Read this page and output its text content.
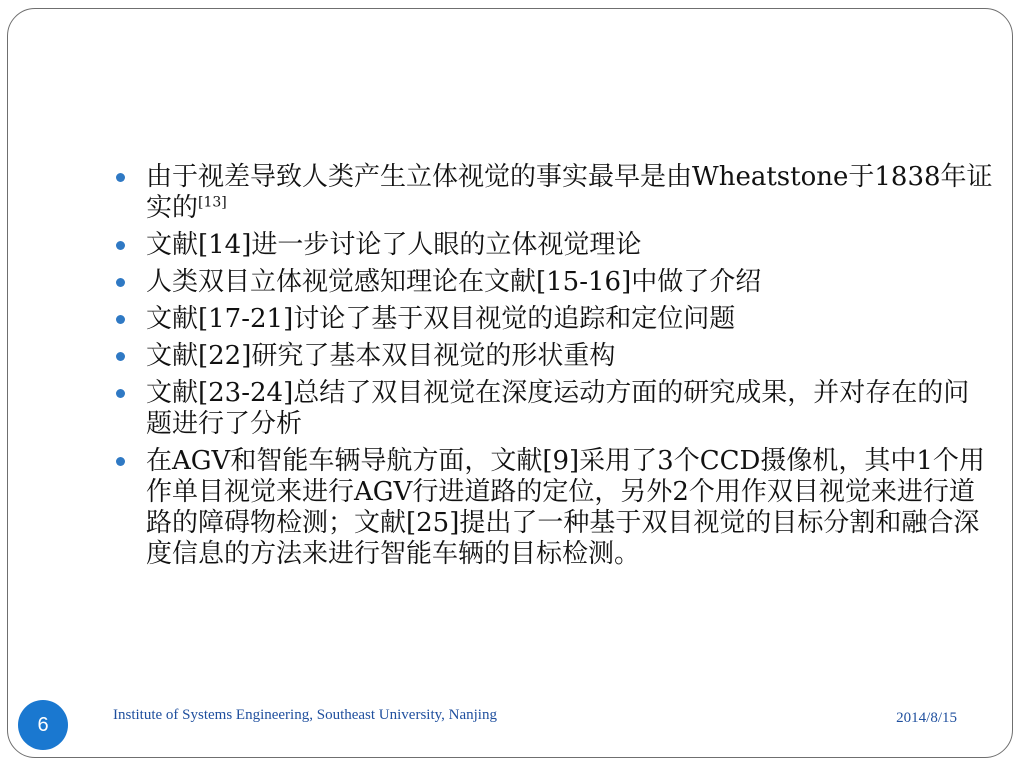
由于视差导致人类产生立体视觉的事实最早是由Wheatstone于1838年证实的[13]
文献[14]进一步讨论了人眼的立体视觉理论
人类双目立体视觉感知理论在文献[15-16]中做了介绍
文献[17-21]讨论了基于双目视觉的追踪和定位问题
文献[22]研究了基本双目视觉的形状重构
文献[23-24]总结了双目视觉在深度运动方面的研究成果，并对存在的问题进行了分析
在AGV和智能车辆导航方面，文献[9]采用了3个CCD摄像机，其中1个用作单目视觉来进行AGV行进道路的定位，另外2个用作双目视觉来进行道路的障碍物检测；文献[25]提出了一种基于双目视觉的目标分割和融合深度信息的方法来进行智能车辆的目标检测。
6	Institute of Systems Engineering, Southeast University, Nanjing	2014/8/15
